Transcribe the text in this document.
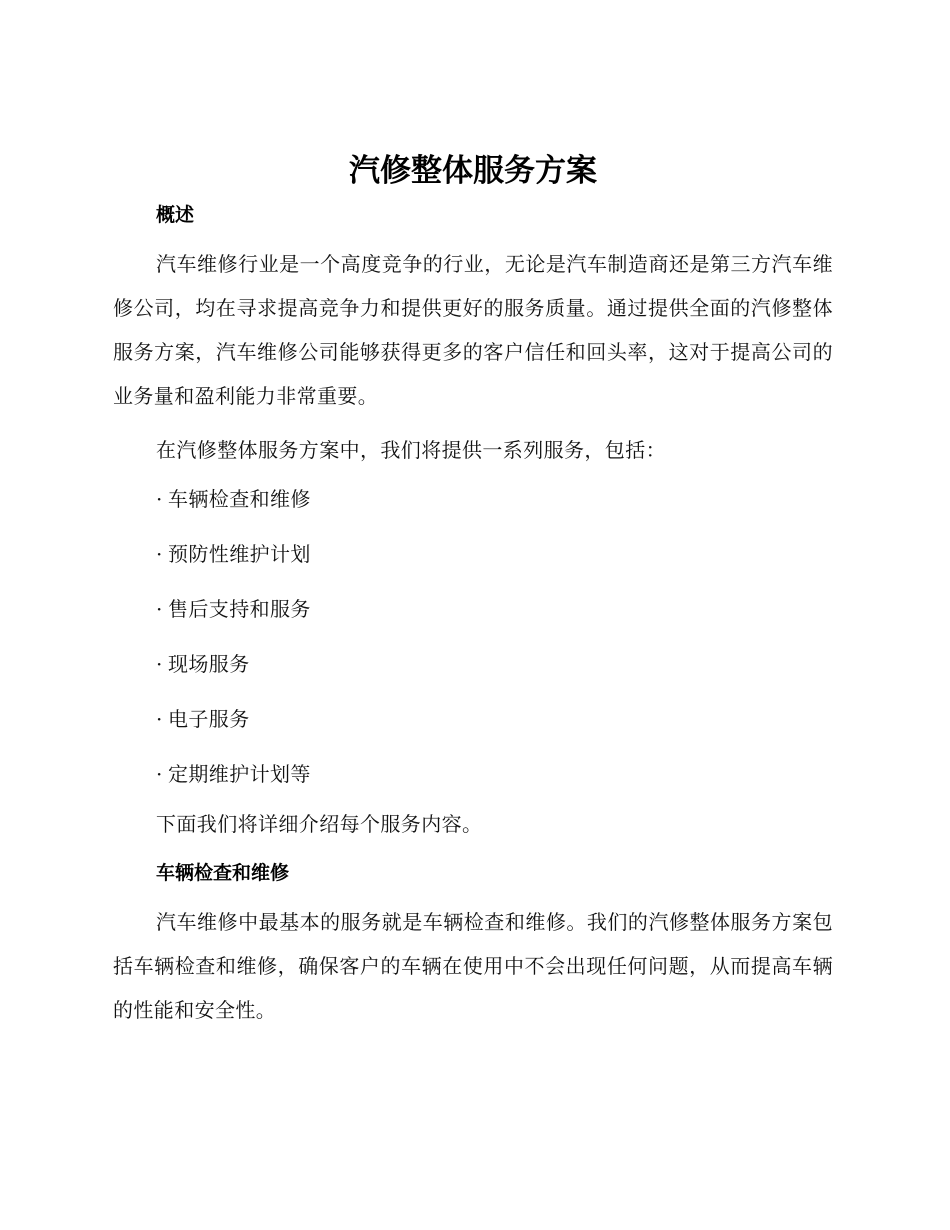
汽修整体服务方案
概述

汽车维修行业是一个高度竞争的行业，无论是汽车制造商还是第三方汽车维修公司，均在寻求提高竞争力和提供更好的服务质量。通过提供全面的汽修整体服务方案，汽车维修公司能够获得更多的客户信任和回头率，这对于提高公司的业务量和盈利能力非常重要。

在汽修整体服务方案中，我们将提供一系列服务，包括：

· 车辆检查和维修
· 预防性维护计划
· 售后支持和服务
· 现场服务
· 电子服务
· 定期维护计划等

下面我们将详细介绍每个服务内容。

车辆检查和维修

汽车维修中最基本的服务就是车辆检查和维修。我们的汽修整体服务方案包括车辆检查和维修，确保客户的车辆在使用中不会出现任何问题，从而提高车辆的性能和安全性。
